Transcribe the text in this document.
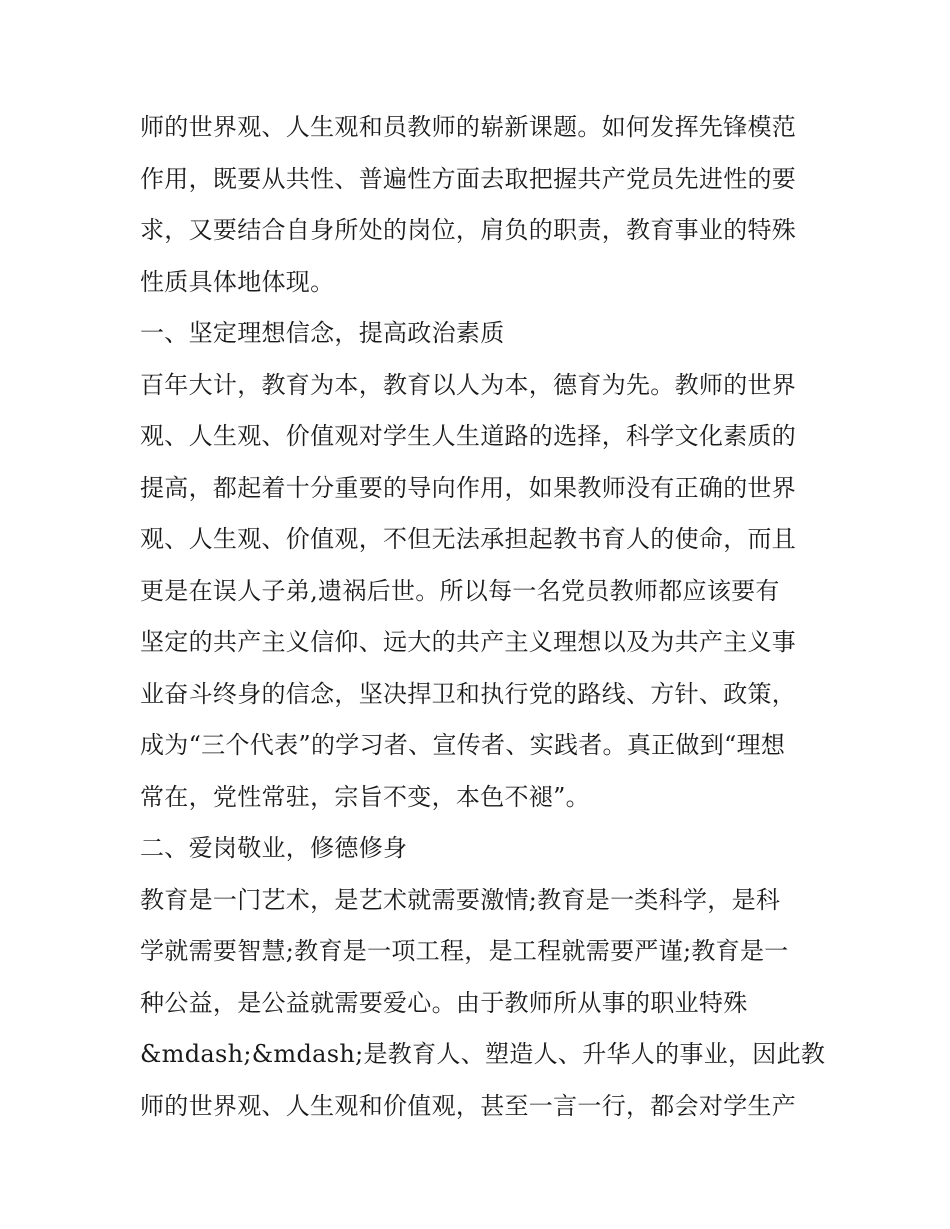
师的世界观、人生观和员教师的崭新课题。如何发挥先锋模范
作用，既要从共性、普遍性方面去取把握共产党员先进性的要
求，又要结合自身所处的岗位，肩负的职责，教育事业的特殊
性质具体地体现。
一、坚定理想信念，提高政治素质
百年大计，教育为本，教育以人为本，德育为先。教师的世界
观、人生观、价值观对学生人生道路的选择，科学文化素质的
提高，都起着十分重要的导向作用，如果教师没有正确的世界
观、人生观、价值观，不但无法承担起教书育人的使命，而且
更是在误人子弟,遗祸后世。所以每一名党员教师都应该要有
坚定的共产主义信仰、远大的共产主义理想以及为共产主义事
业奋斗终身的信念，坚决捍卫和执行党的路线、方针、政策，
成为“三个代表”的学习者、宣传者、实践者。真正做到“理想
常在，党性常驻，宗旨不变，本色不褪”。
二、爱岗敬业，修德修身
教育是一门艺术，是艺术就需要激情;教育是一类科学，是科
学就需要智慧;教育是一项工程，是工程就需要严谨;教育是一
种公益，是公益就需要爱心。由于教师所从事的职业特殊
&mdash;&mdash;是教育人、塑造人、升华人的事业，因此教
师的世界观、人生观和价值观，甚至一言一行，都会对学生产
